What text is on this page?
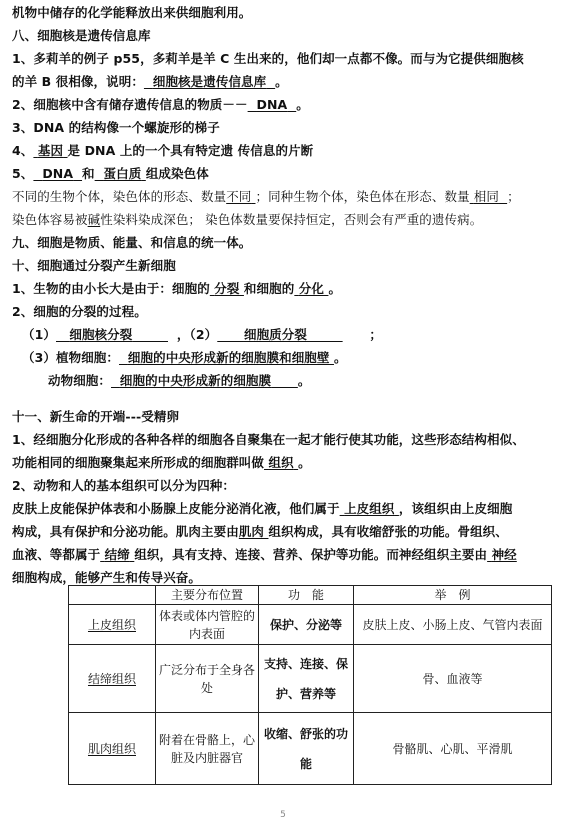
机物中储存的化学能释放出来供细胞利用。
八、细胞核是遗传信息库
1、多莉羊的例子 p55，多莉羊是羊 C 生出来的，他们却一点都不像。而与为它提供细胞核
的羊 B 很相像，说明： 细胞核是遗传信息库 。
2、细胞核中含有储存遗传信息的物质－－ DNA 。
3、DNA 的结构像一个螺旋形的梯子
4、 基因 是 DNA 上的一个具有特定遗 传信息的片断
5、 DNA 和 蛋白质 组成染色体
不同的生物个体，染色体的形态、数量不同 ；同种生物个体，染色体在形态、数量 相同 ；
染色体容易被碱性染料染成深色； 染色体数量要保持恒定，否则会有严重的遗传病。
九、细胞是物质、能量、和信息的统一体。
十、细胞通过分裂产生新细胞
1、生物的由小长大是由于：细胞的 分裂 和细胞的 分化 。
2、细胞的分裂的过程。
（1） 细胞核分裂	，（2） 细胞质分裂	；
（3）植物细胞： 细胞的中央形成新的细胞膜和细胞壁 。
动物细胞： 细胞的中央形成新的细胞膜 。
十一、新生命的开端---受精卵
1、经细胞分化形成的各种各样的细胞各自聚集在一起才能行使其功能，这些形态结构相似、
功能相同的细胞聚集起来所形成的细胞群叫做 组织 。
2、动物和人的基本组织可以分为四种：
皮肤上皮能保护体表和小肠腺上皮能分泌消化液，他们属于 上皮组织 ，该组织由上皮细胞
构成，具有保护和分泌功能。肌肉主要由肌肉 组织构成，具有收缩舒张的功能。骨组织、
血液、等都属于 结缔 组织，具有支持、连接、营养、保护等功能。而神经组织主要由 神经
细胞构成，能够产生和传导兴奋。
	主要分布位置	功　能	举　例
上皮组织	体表或体内管腔的内表面	保护、分泌等	皮肤上皮、小肠上皮、气管内表面
结缔组织	广泛分布于全身各处	支持、连接、保护、营养等	骨、血液等
肌肉组织	附着在骨骼上，心脏及内脏器官	收缩、舒张的功能	骨骼肌、心肌、平滑肌
5
